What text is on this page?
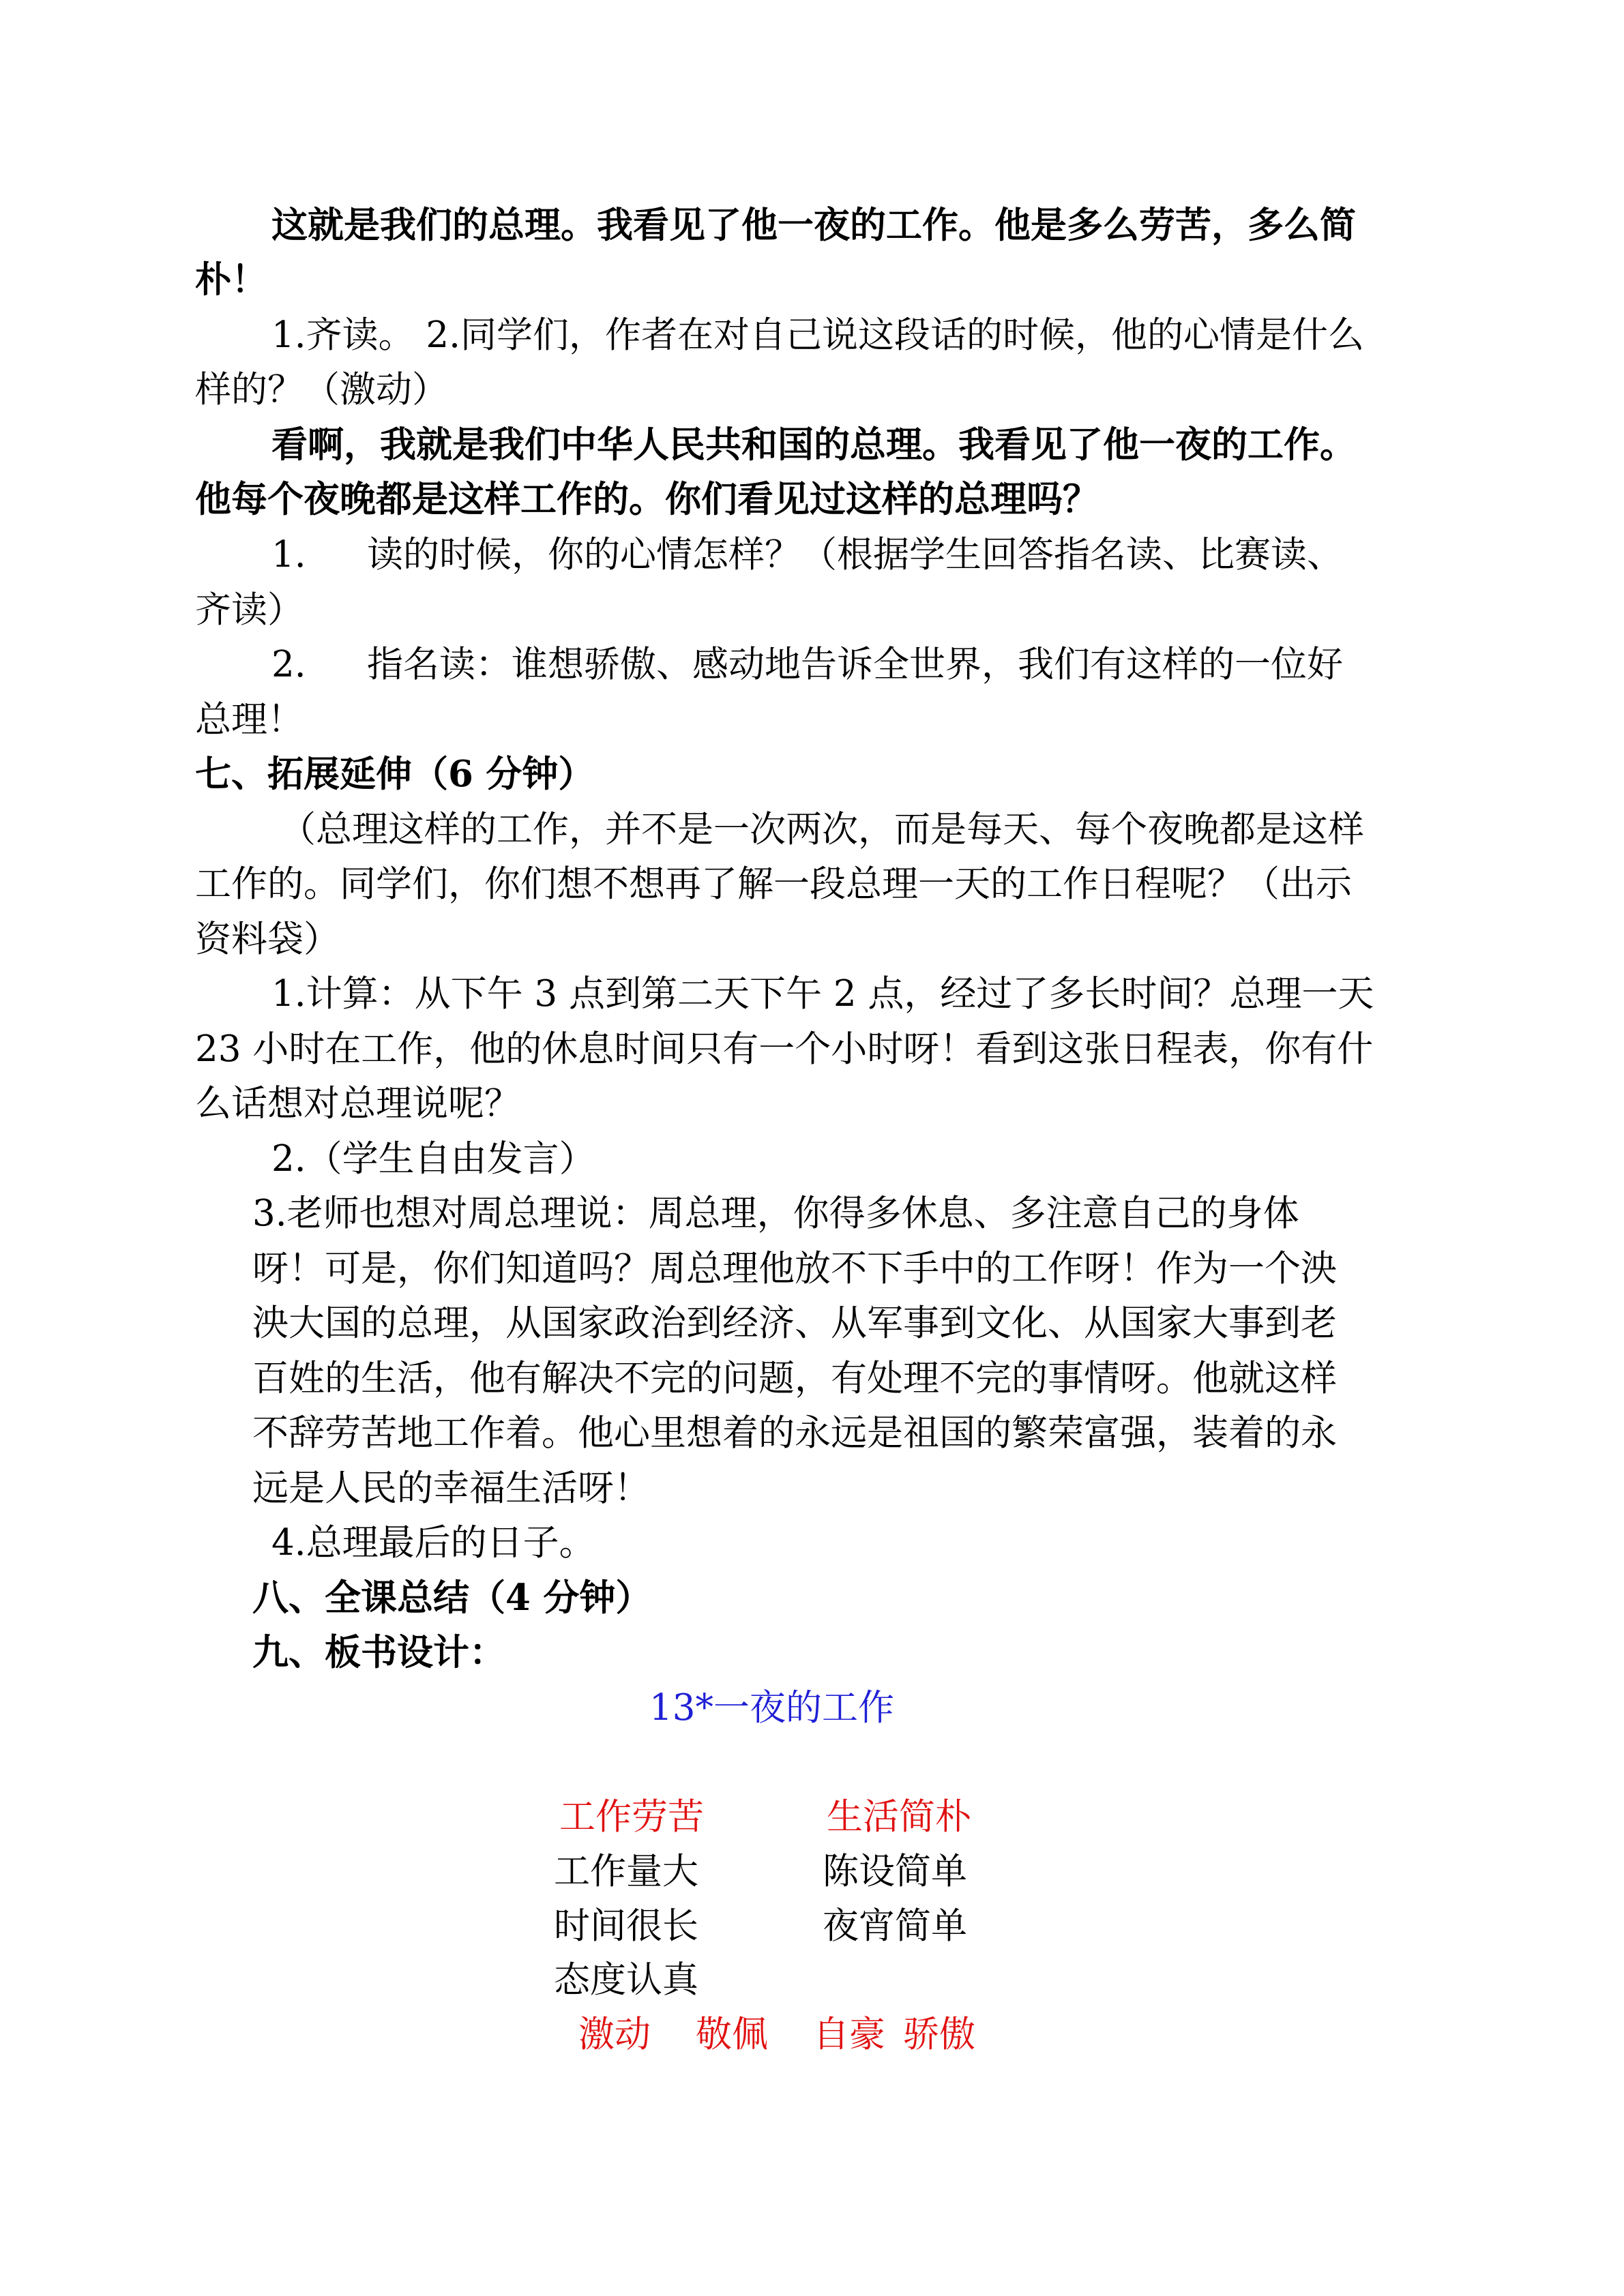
这就是我们的总理。我看见了他一夜的工作。他是多么劳苦，多么简
朴！
1.齐读。 2.同学们，作者在对自己说这段话的时候，他的心情是什么
样的？（激动）
看啊，我就是我们中华人民共和国的总理。我看见了他一夜的工作。
他每个夜晚都是这样工作的。你们看见过这样的总理吗？
1. 读的时候，你的心情怎样？（根据学生回答指名读、比赛读、
齐读）
2. 指名读：谁想骄傲、感动地告诉全世界，我们有这样的一位好
总理！
七、拓展延伸（6 分钟）
（总理这样的工作，并不是一次两次，而是每天、每个夜晚都是这样
工作的。同学们，你们想不想再了解一段总理一天的工作日程呢？（出示
资料袋）
1.计算：从下午 3 点到第二天下午 2 点，经过了多长时间？总理一天
23 小时在工作，他的休息时间只有一个小时呀！看到这张日程表，你有什
么话想对总理说呢？
2.（学生自由发言）
3.老师也想对周总理说：周总理，你得多休息、多注意自己的身体
呀！可是，你们知道吗？周总理他放不下手中的工作呀！作为一个泱
泱大国的总理，从国家政治到经济、从军事到文化、从国家大事到老
百姓的生活，他有解决不完的问题，有处理不完的事情呀。他就这样
不辞劳苦地工作着。他心里想着的永远是祖国的繁荣富强，装着的永
远是人民的幸福生活呀！
4.总理最后的日子。
八、全课总结（4 分钟）
九、板书设计：
13*一夜的工作
工作劳苦	生活简朴
工作量大	陈设简单
时间很长	夜宵简单
态度认真
激动 敬佩 自豪 骄傲
